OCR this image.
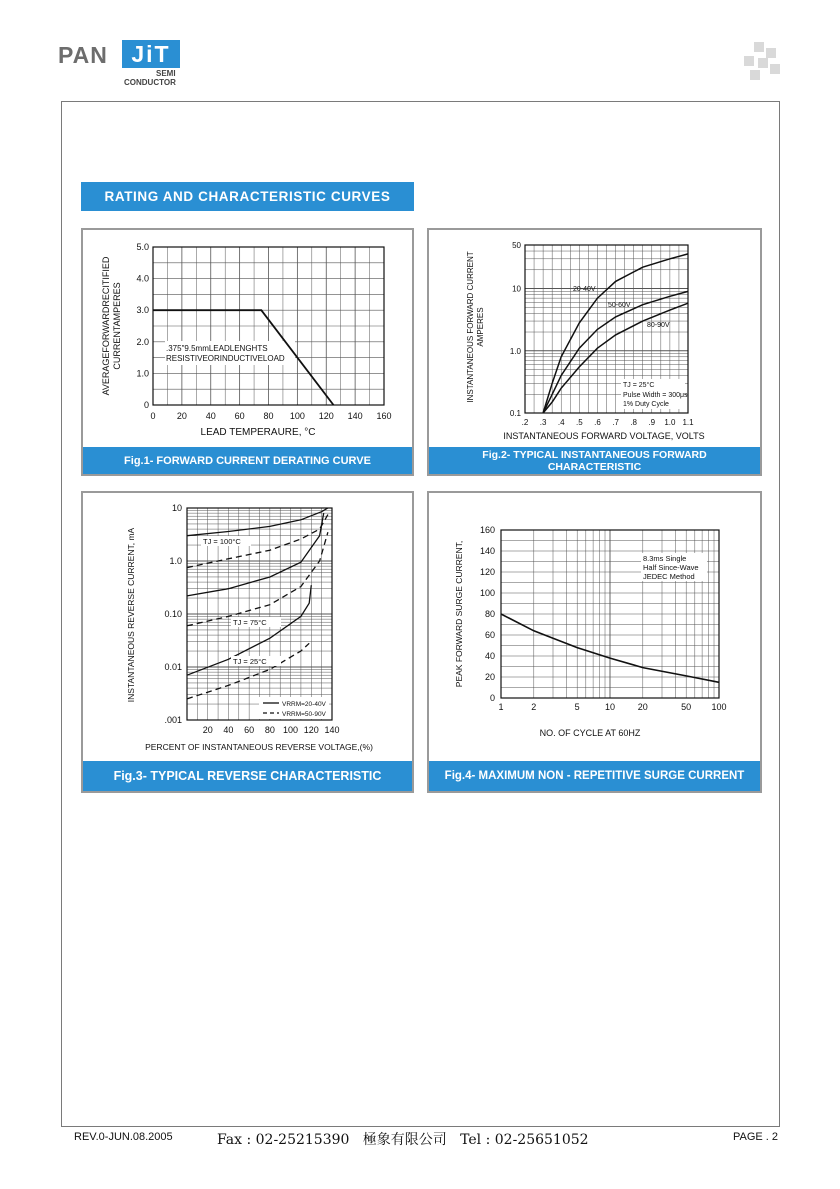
PAN	JiT
SEMI
CONDUCTOR
RATING AND CHARACTERISTIC CURVES
0 20 40 60 80 100 120 140 160
0
1.0
2.0
3.0
4.0
5.0
.375"9.5mmLEADLENGHTS
RESISTIVEORINDUCTIVELOAD
LEAD TEMPERAURE, °C
AVERAGEFORWARDRECITIFIED CURRENTAMPERES
Fig.1- FORWARD CURRENT DERATING CURVE
.2 .3 .4 .5 .6 .7 .8 .9 1.0 1.1
0.1
1.0
10
50
20-40V
50-60V
80-90V
TJ = 25°C
Pulse Width = 300μs
1% Duty Cycle
INSTANTANEOUS FORWARD VOLTAGE, VOLTS
INSTANTANEOUS FORWARD CURRENT AMPERES
Fig.2- TYPICAL INSTANTANEOUS FORWARD
CHARACTERISTIC
20 40 60 80 100 120 140
.001
0.01
0.10
1.0
10
TJ = 100°C
TJ = 75°C
TJ = 25°C
VRRM=20-40V
VRRM=50-90V
PERCENT OF INSTANTANEOUS REVERSE VOLTAGE,(%)
INSTANTANEOUS REVERSE CURRENT, mA
Fig.3- TYPICAL REVERSE CHARACTERISTIC
1	2	5	10	20	50 100
0
20
40
60
80
100
120
140
160
8.3ms Single
Half Since-Wave
JEDEC Method
NO. OF CYCLE AT 60HZ
PEAK FORWARD SURGE CURRENT,
Fig.4- MAXIMUM NON - REPETITIVE SURGE CURRENT
REV.0-JUN.08.2005	Fax : 02-25215390   極象有限公司   Tel : 02-25651052	PAGE . 2
